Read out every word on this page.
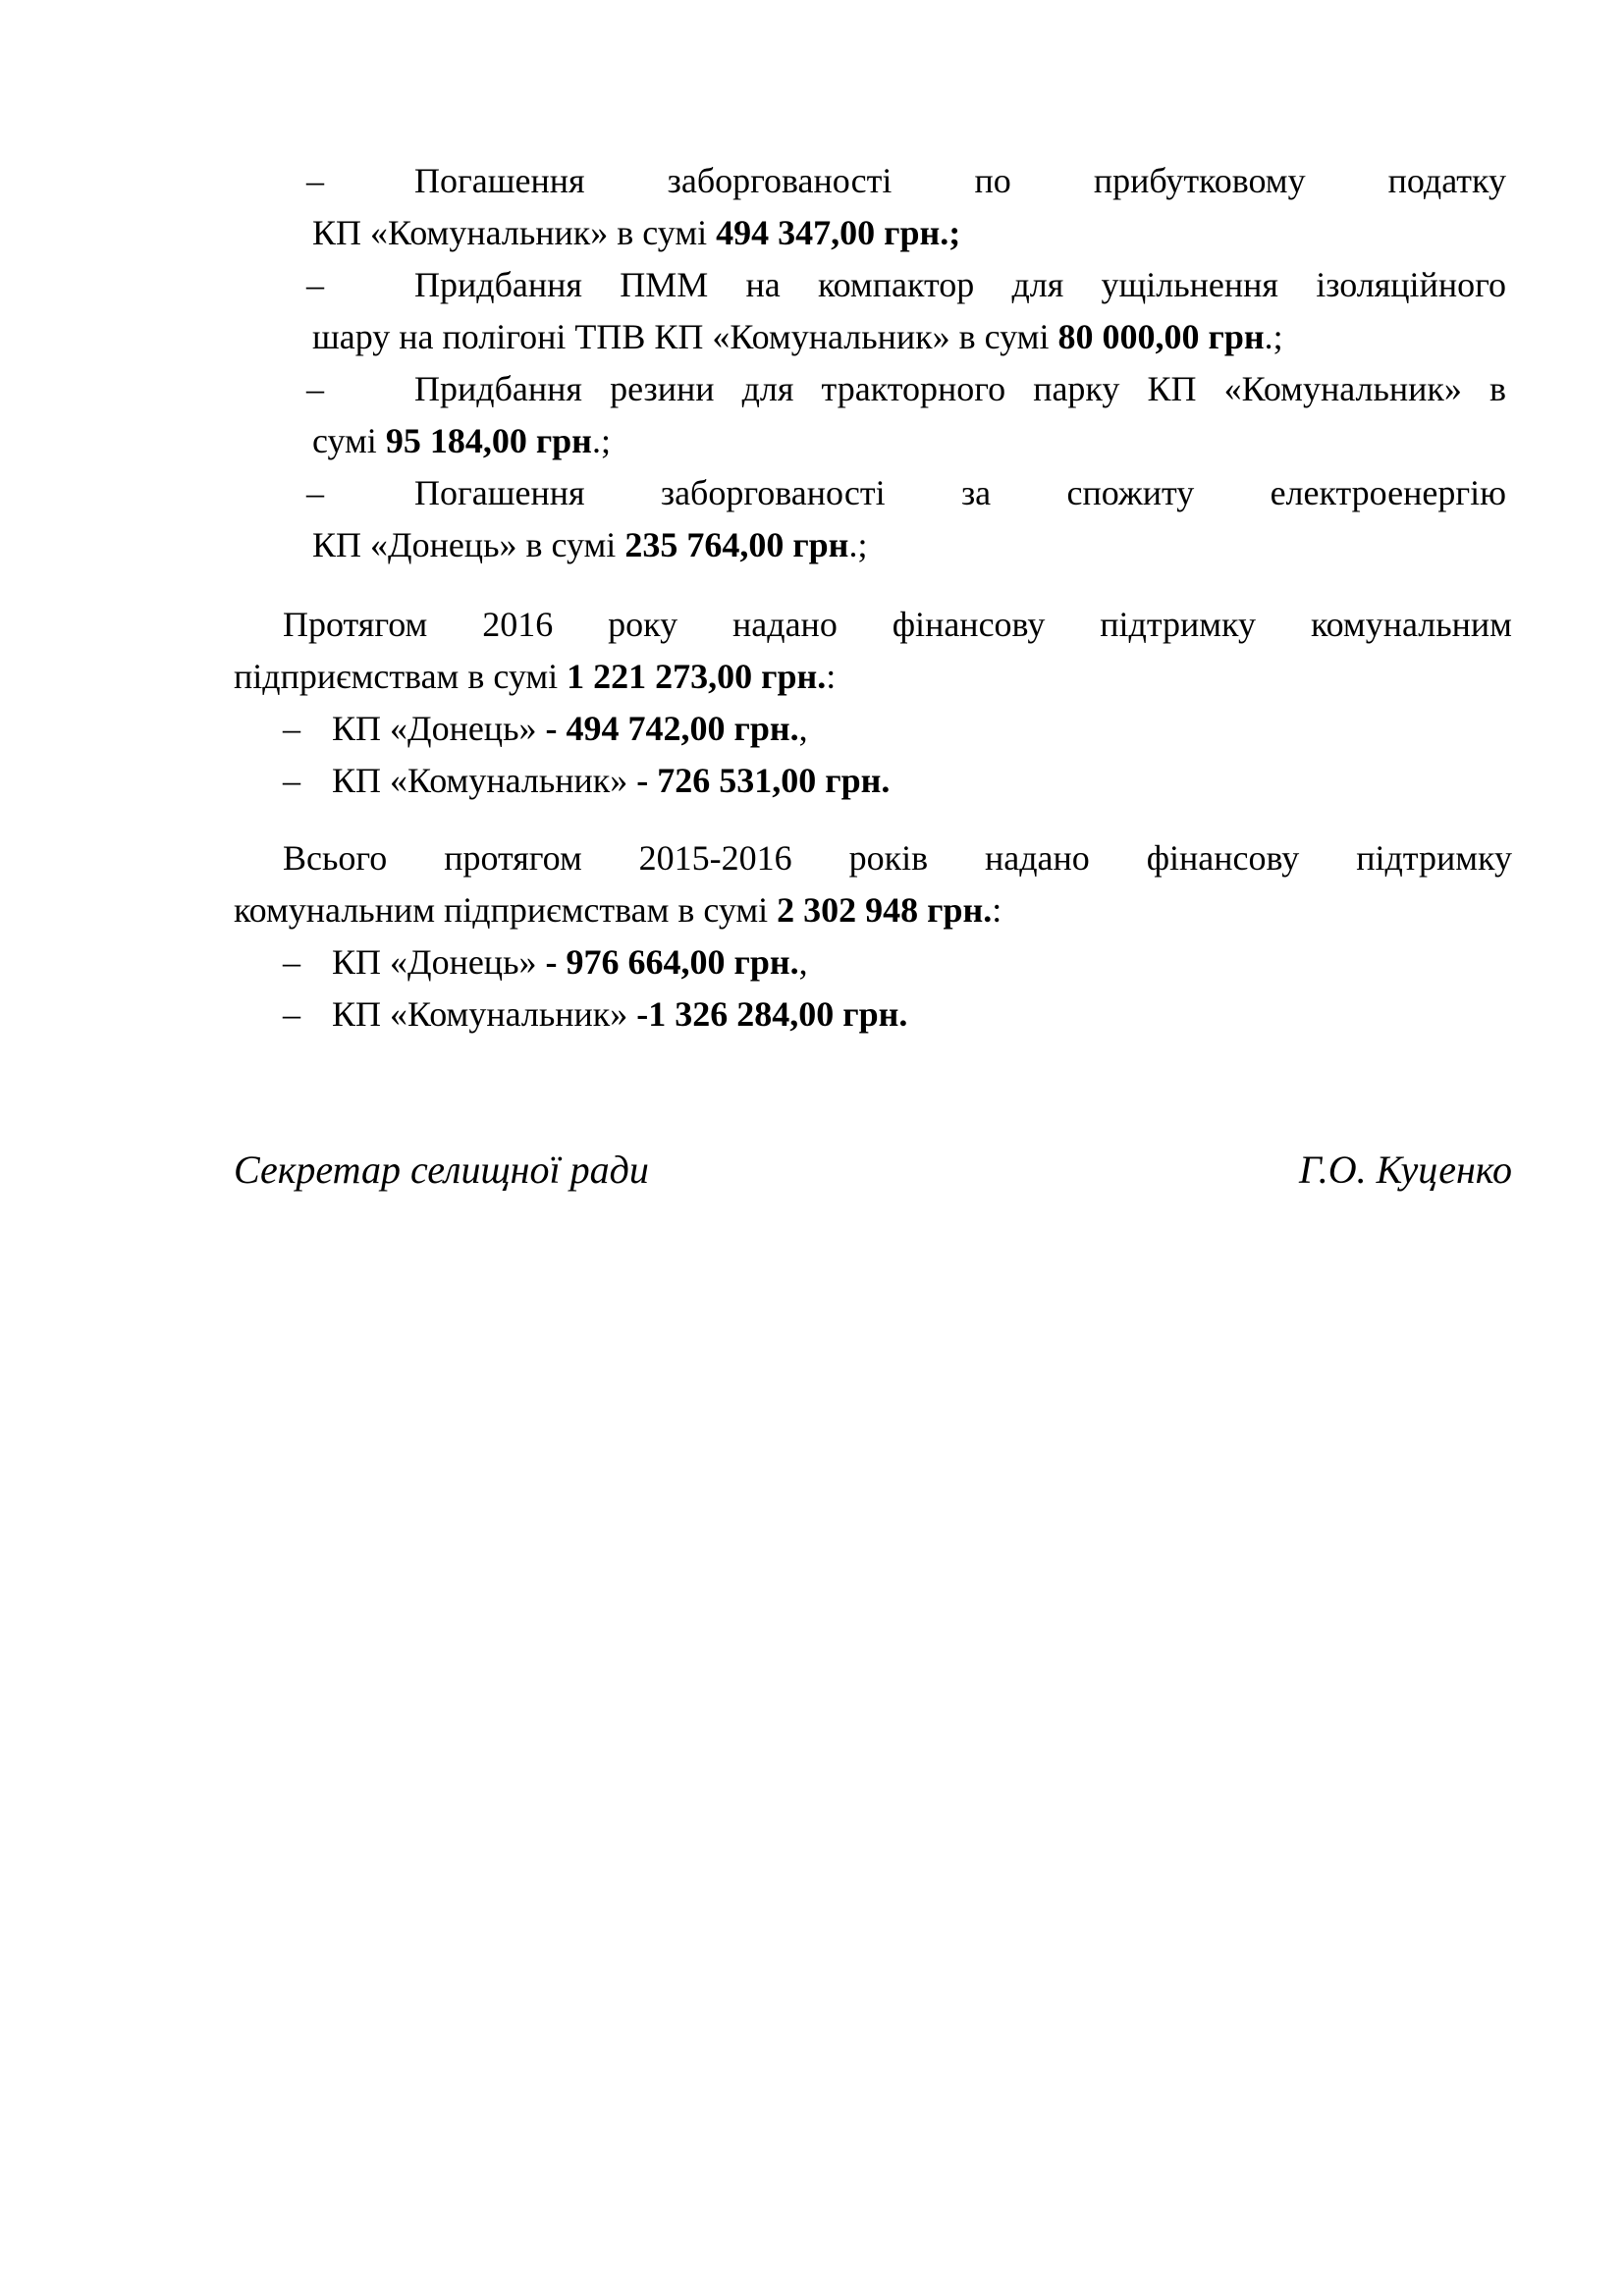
–	Погашення заборгованості по прибутковому податку
КП «Комунальник» в сумі 494 347,00 грн.;
–	Придбання ПММ на компактор для ущільнення ізоляційного
шару на полігоні ТПВ КП «Комунальник» в сумі 80 000,00 грн.;
–	Придбання резини для тракторного парку КП «Комунальник» в
сумі 95 184,00 грн.;
–	Погашення заборгованості за спожиту електроенергію
КП «Донець» в сумі 235 764,00 грн.;
Протягом 2016 року надано фінансову підтримку комунальним
підприємствам в сумі 1 221 273,00 грн.:
– КП «Донець» - 494 742,00 грн.,
– КП «Комунальник» - 726 531,00 грн.
Всього протягом 2015-2016 років надано фінансову підтримку
комунальним підприємствам в сумі 2 302 948 грн.:
– КП «Донець» - 976 664,00 грн.,
– КП «Комунальник» -1 326 284,00 грн.
Секретар селищної ради	Г.О. Куценко
